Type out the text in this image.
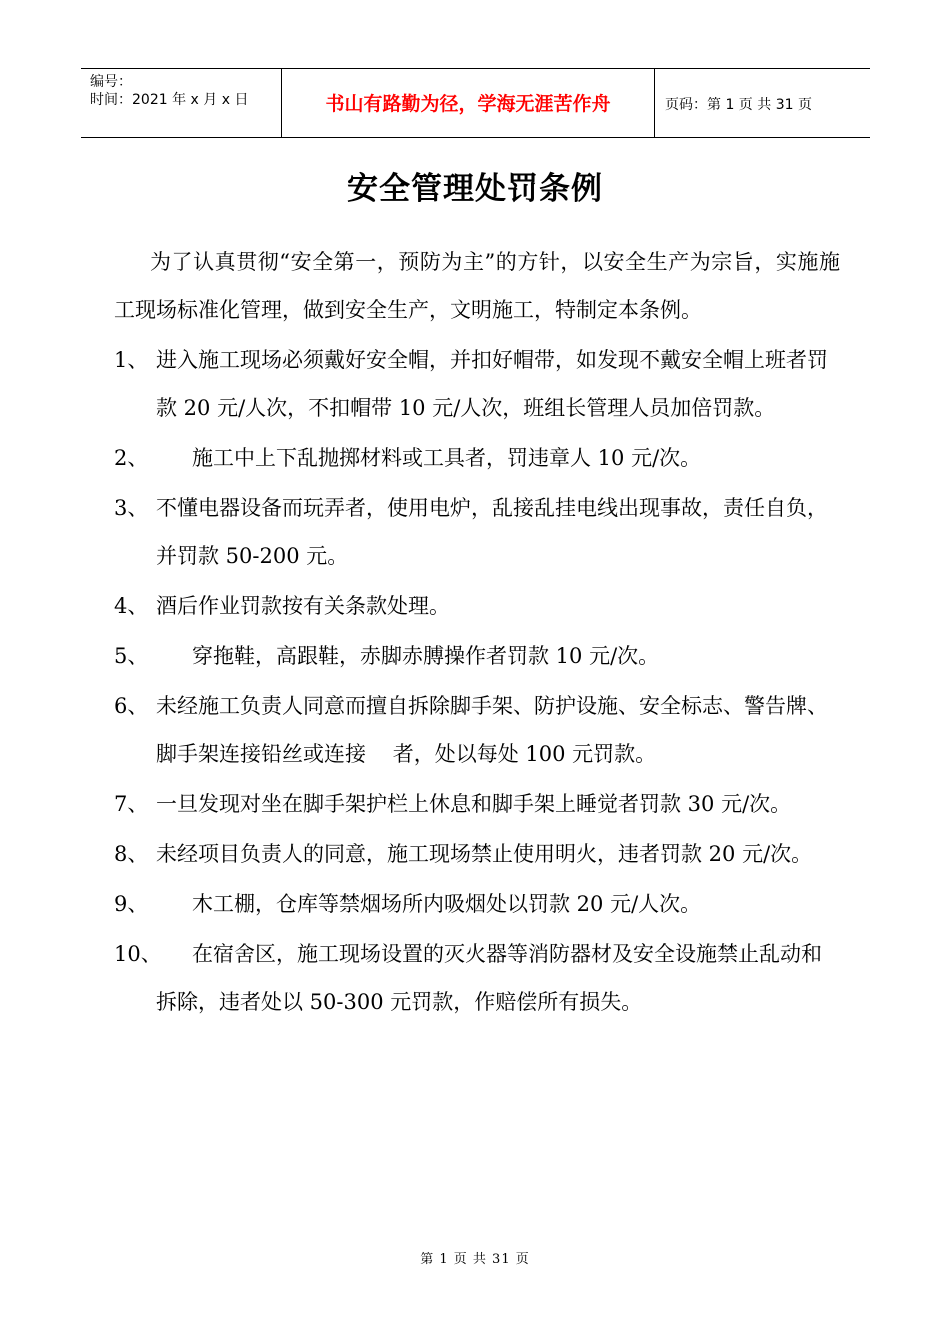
编号：
时间：2021 年 x 月 x 日	书山有路勤为径，学海无涯苦作舟	页码：第 1 页 共 31 页
安全管理处罚条例

为了认真贯彻“安全第一，预防为主”的方针，以安全生产为宗旨，实施施工现场标准化管理，做到安全生产，文明施工，特制定本条例。

1、 进入施工现场必须戴好安全帽，并扣好帽带，如发现不戴安全帽上班者罚款 20 元/人次，不扣帽带 10 元/人次，班组长管理人员加倍罚款。
2、	施工中上下乱抛掷材料或工具者，罚违章人 10 元/次。
3、 不懂电器设备而玩弄者，使用电炉，乱接乱挂电线出现事故，责任自负，并罚款 50-200 元。
4、 酒后作业罚款按有关条款处理。
5、	穿拖鞋，高跟鞋，赤脚赤膊操作者罚款 10 元/次。
6、 未经施工负责人同意而擅自拆除脚手架、防护设施、安全标志、警告牌、脚手架连接铅丝或连接    者，处以每处 100 元罚款。
7、 一旦发现对坐在脚手架护栏上休息和脚手架上睡觉者罚款 30 元/次。
8、 未经项目负责人的同意，施工现场禁止使用明火，违者罚款 20 元/次。
9、	木工棚，仓库等禁烟场所内吸烟处以罚款 20 元/人次。
10、	在宿舍区，施工现场设置的灭火器等消防器材及安全设施禁止乱动和拆除，违者处以 50-300 元罚款，作赔偿所有损失。
第 1 页 共 31 页
